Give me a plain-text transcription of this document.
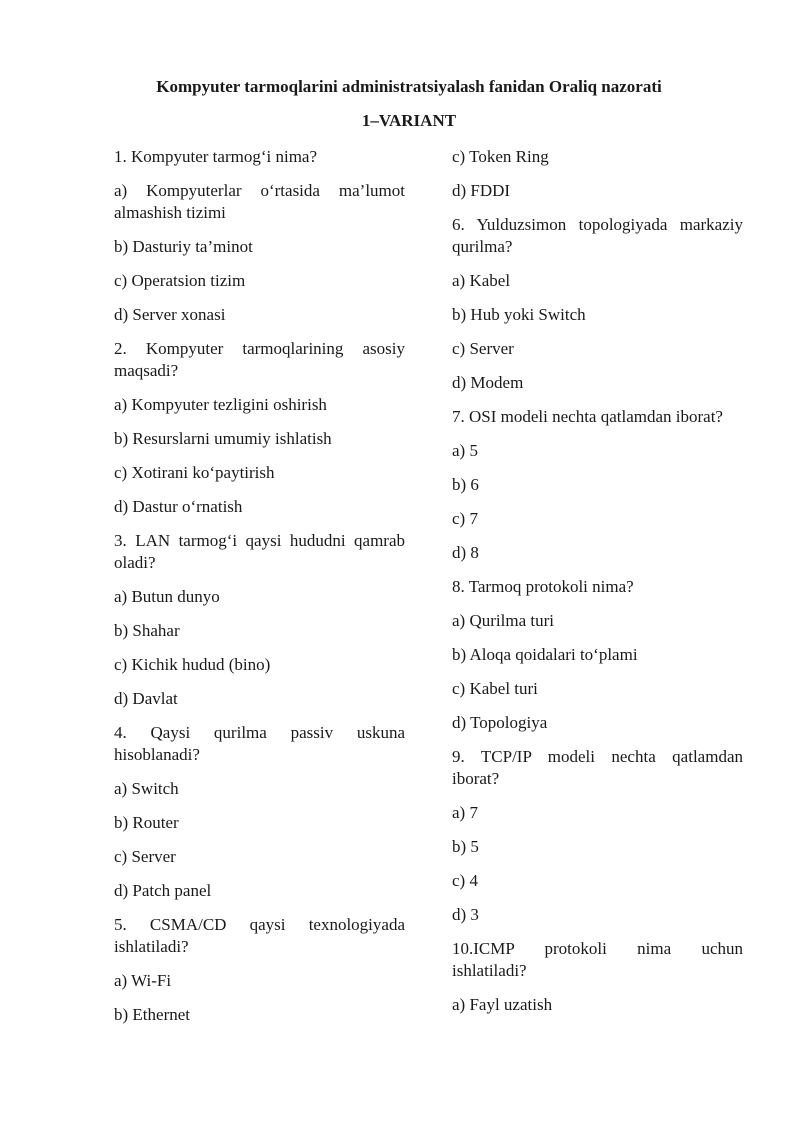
Kompyuter tarmoqlarini administratsiyalash fanidan Oraliq nazorati
1–VARIANT
1. Kompyuter tarmog‘i nima?
a) Kompyuterlar o‘rtasida ma’lumot almashish tizimi
b) Dasturiy ta’minot
c) Operatsion tizim
d) Server xonasi
2. Kompyuter tarmoqlarining asosiy maqsadi?
a) Kompyuter tezligini oshirish
b) Resurslarni umumiy ishlatish
c) Xotirani ko‘paytirish
d) Dastur o‘rnatish
3. LAN tarmog‘i qaysi hududni qamrab oladi?
a) Butun dunyo
b) Shahar
c) Kichik hudud (bino)
d) Davlat
4. Qaysi qurilma passiv uskuna hisoblanadi?
a) Switch
b) Router
c) Server
d) Patch panel
5. CSMA/CD qaysi texnologiyada ishlatiladi?
a) Wi-Fi
b) Ethernet
c) Token Ring
d) FDDI
6. Yulduzsimon topologiyada markaziy qurilma?
a) Kabel
b) Hub yoki Switch
c) Server
d) Modem
7. OSI modeli nechta qatlamdan iborat?
a) 5
b) 6
c) 7
d) 8
8. Tarmoq protokoli nima?
a) Qurilma turi
b) Aloqa qoidalari to‘plami
c) Kabel turi
d) Topologiya
9. TCP/IP modeli nechta qatlamdan iborat?
a) 7
b) 5
c) 4
d) 3
10.ICMP protokoli nima uchun ishlatiladi?
a) Fayl uzatish
